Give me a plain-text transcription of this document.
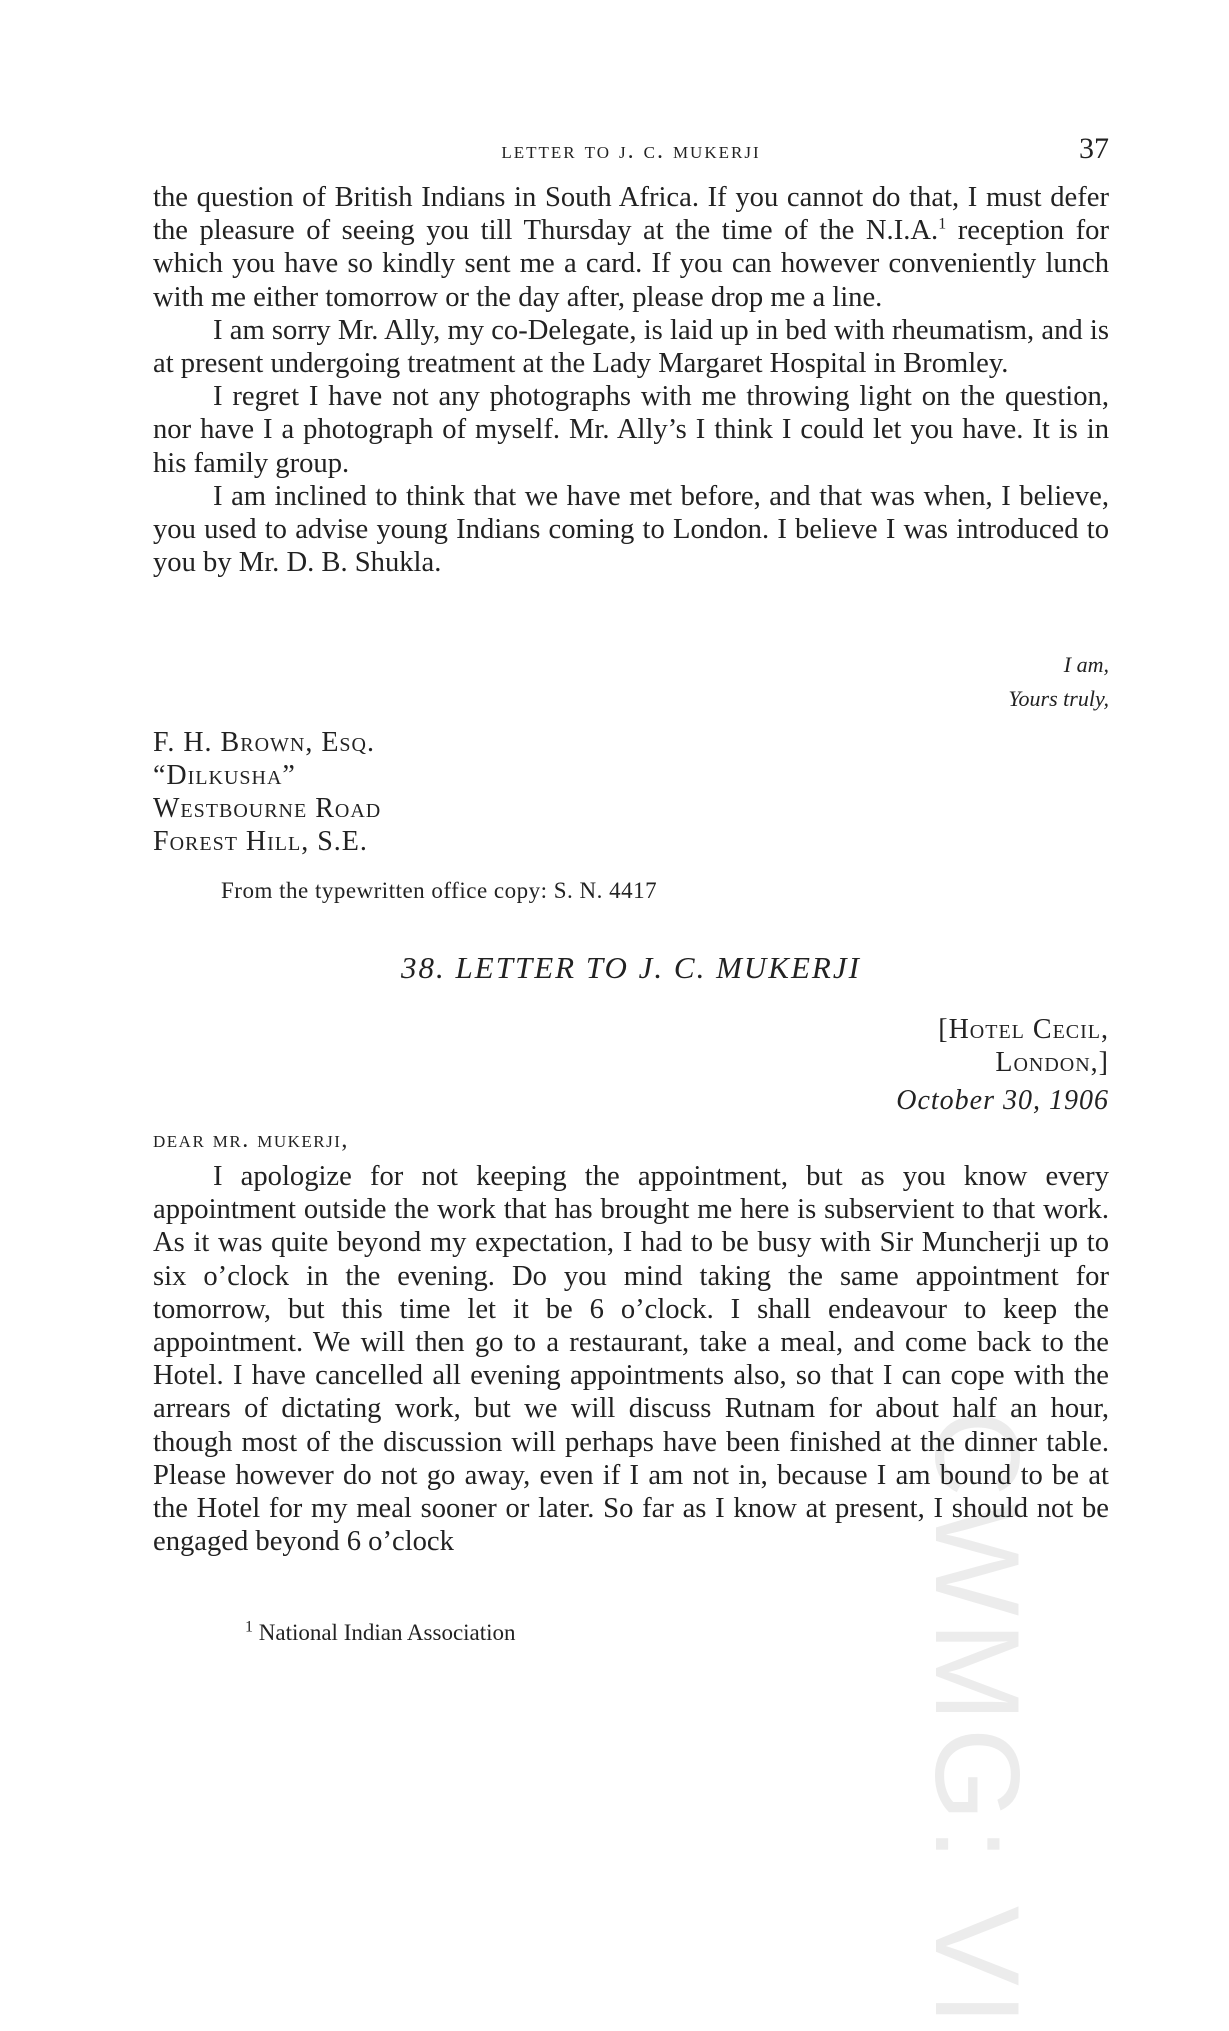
CWMG: VI
letter to j. c. mukerji	37

the question of British Indians in South Africa. If you cannot do that, I must defer the pleasure of seeing you till Thursday at the time of the N.I.A.$^1$ reception for which you have so kindly sent me a card. If you can however conveniently lunch with me either tomorrow or the day after, please drop me a line.

I am sorry Mr. Ally, my co-Delegate, is laid up in bed with rheumatism, and is at present undergoing treatment at the Lady Margaret Hospital in Bromley.

I regret I have not any photographs with me throwing light on the question, nor have I a photograph of myself. Mr. Ally’s I think I could let you have. It is in his family group.

I am inclined to think that we have met before, and that was when, I believe, you used to advise young Indians coming to London. I believe I was introduced to you by Mr. D. B. Shukla.

I am,
Yours truly,
F. H. Brown, Esq.
“Dilkusha”
Westbourne Road
Forest Hill, S.E.
From the typewritten office copy: S. N. 4417
38. LETTER TO J. C. MUKERJI
[Hotel Cecil,
London,]
October 30, 1906
dear mr. mukerji,

I apologize for not keeping the appointment, but as you know every appointment outside the work that has brought me here is subservient to that work. As it was quite beyond my expectation, I had to be busy with Sir Muncherji up to six o’clock in the evening. Do you mind taking the same appointment for tomorrow, but this time let it be 6 o’clock. I shall endeavour to keep the appointment. We will then go to a restaurant, take a meal, and come back to the Hotel. I have cancelled all evening appointments also, so that I can cope with the arrears of dictating work, but we will discuss Rutnam for about half an hour, though most of the discussion will perhaps have been finished at the dinner table. Please however do not go away, even if I am not in, because I am bound to be at the Hotel for my meal sooner or later. So far as I know at present, I should not be engaged beyond 6 o’clock

$^1$ National Indian Association
